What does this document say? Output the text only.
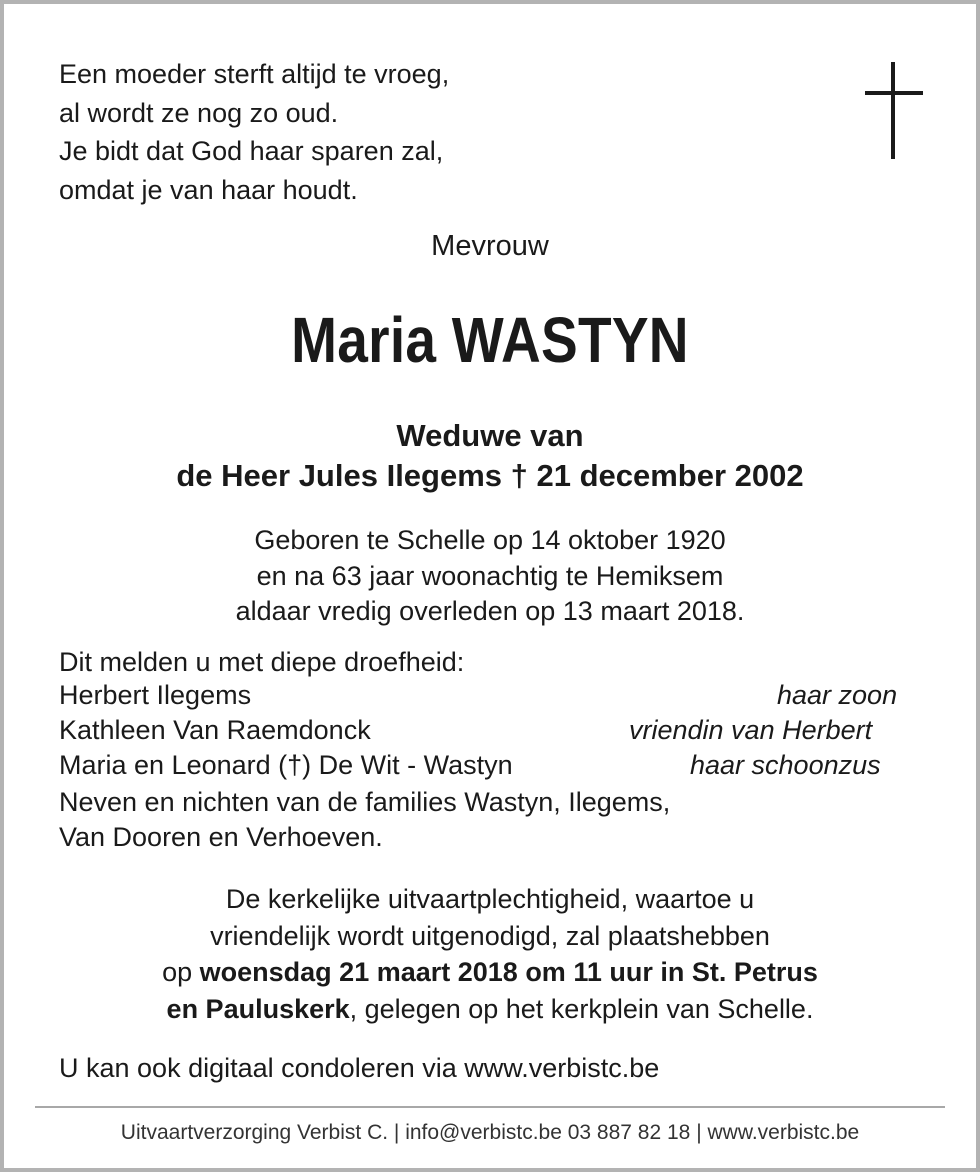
Een moeder sterft altijd te vroeg,
al wordt ze nog zo oud.
Je bidt dat God haar sparen zal,
omdat je van haar houdt.
Mevrouw
Maria WASTYN
Weduwe van
de Heer Jules Ilegems † 21 december 2002
Geboren te Schelle op 14 oktober 1920
en na 63 jaar woonachtig te Hemiksem
aldaar vredig overleden op 13 maart 2018.
Dit melden u met diepe droefheid:
Herbert Ilegems	haar zoon
Kathleen Van Raemdonck	vriendin van Herbert
Maria en Leonard (†) De Wit - Wastyn	haar schoonzus
Neven en nichten van de families Wastyn, Ilegems,
Van Dooren en Verhoeven.
De kerkelijke uitvaartplechtigheid, waartoe u
vriendelijk wordt uitgenodigd, zal plaatshebben
op woensdag 21 maart 2018 om 11 uur in St. Petrus
en Pauluskerk, gelegen op het kerkplein van Schelle.
U kan ook digitaal condoleren via www.verbistc.be
Uitvaartverzorging Verbist C. | info@verbistc.be 03 887 82 18 | www.verbistc.be
